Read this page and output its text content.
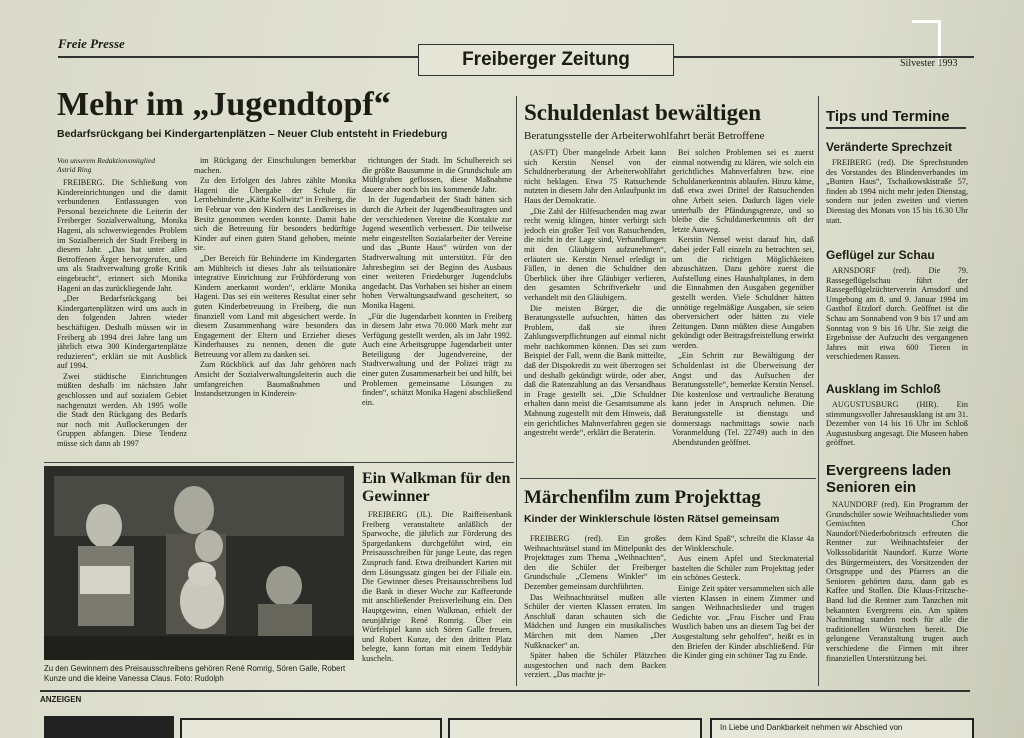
Freie Presse
Freiberger Zeitung	Silvester 1993
Mehr im „Jugendtopf“
Bedarfsrückgang bei Kindergartenplätzen – Neuer Club entsteht in Friedeburg
Von unserem Redaktionsmitglied Astrid Ring

FREIBERG. Die Schließung von Kindereinrichtungen und die damit verbundenen Entlassungen von Personal bezeichnete die Leiterin der Freiberger Sozialverwaltung, Monika Hageni, als schwerwiegendes Problem im Sozialbereich der Stadt Freiberg in diesem Jahr. „Das hat unter allen Betroffenen Ärger hervorgerufen, und uns als Stadtverwaltung große Kritik eingebracht“, erinnert sich Monika Hageni an das zurückliegende Jahr.

„Der Bedarfsrückgang bei Kindergartenplätzen wird uns auch in den folgenden Jahren wieder beschäftigen. Deshalb müssen wir in Freiberg ab 1994 drei Jahre lang um jährlich etwa 300 Kindergartenplätze reduzieren“, erklärt sie mit Ausblick auf 1994.

Zwei städtische Einrichtungen müßten deshalb im nächsten Jahr geschlossen und auf sozialem Gebiet nachgenutzt werden. Ab 1995 wolle die Stadt den Rückgang des Bedarfs nur noch mit Auflockerungen der Gruppen abfangen. Diese Tendenz müsse sich dann ab 1997

im Rückgang der Einschulungen bemerkbar machen.

Zu den Erfolgen des Jahres zählte Monika Hageni die Übergabe der Schule für Lernbehinderte „Käthe Kollwitz“ in Freiberg, die im Februar von den Kindern des Landkreises in Besitz genommen werden konnte. Damit habe sich die Betreuung für besonders bedürftige Kinder auf einen guten Stand gehoben, meinte sie.

„Der Bereich für Behinderte im Kindergarten am Mühlteich ist dieses Jahr als teilstationäre integrative Einrichtung zur Frühförderung von Kindern anerkannt worden“, erklärte Monika Hageni. Das sei ein weiteres Resultat einer sehr guten Kinderbetreuung in Freiberg, die nun finanziell vom Land mit abgesichert werde. In diesem Zusammenhang wäre besonders das Engagement der Eltern und Erzieher dieses Kinderhauses zu nennen, denen die gute Betreuung vor allem zu danken sei.

Zum Rückblick auf das Jahr gehören nach Ansicht der Sozialverwaltungsleiterin auch die umfangreichen Baumaßnahmen und Instandsetzungen in Kinderein-

richtungen der Stadt. Im Schulbereich sei die größte Bausumme in die Grundschule am Mühlgraben geflossen, diese Maßnahme dauere aber noch bis ins kommende Jahr.

In der Jugendarbeit der Stadt hätten sich durch die Arbeit der Jugendbeauftragten und der verschiedenen Vereine die Kontakte zur Jugend wesentlich verbessert. Die teilweise mehr eingestellten Sozialarbeiter der Vereine und das „Bunte Haus“ würden von der Stadtverwaltung mit unterstützt. Für den Jahresbeginn sei der Beginn des Ausbaus einer weiteren Friedeburger Jugendclubs angedacht. Das Vorhaben sei bisher an einem hohen Verwaltungsaufwand gescheitert, so Monika Hageni.

„Für die Jugendarbeit konnten in Freiberg in diesem Jahr etwa 70.000 Mark mehr zur Verfügung gestellt werden, als im Jahr 1992. Auch eine Arbeitsgruppe Jugendarbeit unter Beteiligung der Jugendvereine, der Stadtverwaltung und der Polizei trägt zu einer guten Zusammenarbeit bei und hilft, bei Problemen gemeinsame Lösungen zu finden“, schätzt Monika Hageni abschließend ein.

Schuldenlast bewältigen
Beratungsstelle der Arbeiterwohlfahrt berät Betroffene

(AS/FT) Über mangelnde Arbeit kann sich Kerstin Nensel von der Schuldnerberatung der Arbeiterwohlfahrt nicht beklagen. Etwa 75 Ratsuchende nutzten in diesem Jahr den Anlaufpunkt im Haus der Demokratie.

„Die Zahl der Hilfesuchenden mag zwar recht wenig klingen, hinter verbirgt sich jedoch ein großer Teil von Ratsuchenden, die nicht in der Lage sind, Verhandlungen mit den Gläubigern aufzunehmen“, erläutert sie. Kerstin Nensel erledigt in Fällen, in denen die Schuldner den Überblick über ihre Gläubiger verlieren, den gesamten Schriftverkehr und verhandelt mit den Gläubigern.

Die meisten Bürger, die die Beratungsstelle aufsuchten, hätten das Problem, daß sie ihren Zahlungsverpflichtungen auf einmal nicht mehr nachkommen können. Das sei zum Beispiel der Fall, wenn die Bank mitteilte, daß der Dispokredit zu weit überzogen sei und deshalb gekündigt würde, oder aber, daß die Ratenzahlung an das Versandhaus in Frage gestellt sei. „Die Schuldner erhalten dann meist die Gesamtsumme als Mahnung zugestellt mit dem Hinweis, daß ein gerichtliches Mahnverfahren gegen sie angestrebt werde“, erklärt die Beraterin.

Bei solchen Problemen sei es zuerst einmal notwendig zu klären, wie solch ein gerichtliches Mahnverfahren bzw. eine Schuldanerkenntnis ablaufen. Hinzu käme, daß etwa zwei Drittel der Ratsuchenden ohne Arbeit seien. Dadurch lägen viele unterhalb der Pfändungsgrenze, und so bleibe die Schuldanerkenntnis oft der letzte Ausweg.

Kerstin Nensel weist darauf hin, daß dabei jeder Fall einzeln zu betrachten sei, um die richtigen Möglichkeiten abzuschätzen. Dazu gehöre zuerst die Aufstellung eines Haushaltplanes, in dem die Einnahmen den Ausgaben gegenüber gestellt werden. Viele Schuldner hätten unnötige regelmäßige Ausgaben, sie seien oberversichert oder hätten zu viele Zeitungen. Dann müßten diese Ausgaben gekündigt oder Beitragsfreistellung erwirkt werden.

„Ein Schritt zur Bewältigung der Schuldenlast ist die Überweisung der Angst und das Aufsuchen der Beratungsstelle“, bemerkte Kerstin Nensel. Die kostenlose und vertrauliche Beratung kann jeder in Anspruch nehmen. Die Beratungsstelle ist dienstags und donnerstags nachmittags sowie nach Voranmeldung (Tel. 22749) auch in den Abendstunden geöffnet.

Zu den Gewinnern des Preisausschreibens gehören René Romrig, Sören Galle, Robert Kunze und die kleine Vanessa Claus. Foto: Rudolph
Ein Walkman für den Gewinner

FREIBERG (JL). Die Raiffeisenbank Freiberg veranstaltete anläßlich der Sparwoche, die jährlich zur Förderung des Spargedankens durchgeführt wird, ein Preisausschreiben für junge Leute, das regen Zuspruch fand. Etwa dreihundert Karten mit dem Lösungssatz gingen bei der Filiale ein. Die Gewinner dieses Preisausschreibens lud die Bank in dieser Woche zur Kaffeerunde mit anschließender Preisverleihung ein. Den Hauptgewinn, einen Walkman, erhielt der neunjährige René Romrig. Über ein Würfelspiel kann sich Sören Galle freuen, und Robert Kunze, der den dritten Platz belegte, kann fortan mit einem Teddybär kuscheln.

Märchenfilm zum Projekttag
Kinder der Winklerschule lösten Rätsel gemeinsam

FREIBERG (red). Ein großes Weihnachtsrätsel stand im Mittelpunkt des Projekttages zum Thema „Weihnachten“, den die Schüler der Freiberger Grundschule „Clemens Winkler“ im Dezember gemeinsam durchführten.

Das Weihnachtsrätsel mußten alle Schüler der vierten Klassen erraten. Im Anschluß daran schauten sich die Mädchen und Jungen ein musikalisches Märchen mit dem Namen „Der Nußknacker“ an.

Später haben die Schüler Plätzchen ausgestochen und nach dem Backen verziert. „Das machte je-

dem Kind Spaß“, schreibt die Klasse 4a der Winklerschule.

Aus einem Apfel und Steckmaterial bastelten die Schüler zum Projekttag jeder ein schönes Gesteck.

Einige Zeit später versammelten sich alle vierten Klassen in einem Zimmer und sangen Weihnachtslieder und trugen Gedichte vor. „Frau Fischer und Frau Wustlich haben uns an diesem Tag bei der Ausgestaltung sehr geholfen“, heißt es in den Briefen der Kinder abschließend. Für die Kinder ging ein schöner Tag zu Ende.

Tips und Termine
Veränderte Sprechzeit

FREIBERG (red). Die Sprechstunden des Vorstandes des Blindenverbandes im „Bunten Haus“, Tschaikowskistraße 57, finden ab 1994 nicht mehr jeden Dienstag, sondern nur jeden zweiten und vierten Dienstag des Monats von 15 bis 16.30 Uhr statt.

Geflügel zur Schau

ARNSDORF (red). Die 79. Rassegeflügelschau führt der Rassegeflügelzüchterverein Arnsdorf und Umgebung am 8. und 9. Januar 1994 im Gasthof Etzdorf durch. Geöffnet ist die Schau am Sonnabend von 9 bis 17 und am Sonntag von 9 bis 16 Uhr. Sie zeigt die Ergebnisse der Aufzucht des vergangenen Jahres mit etwa 600 Tieren in verschiedenen Rassen.

Ausklang im Schloß

AUGUSTUSBURG (HIR). Ein stimmungsvoller Jahresausklang ist am 31. Dezember von 14 bis 16 Uhr im Schloß Augustusburg angesagt. Die Museen haben geöffnet.

Evergreens laden Senioren ein

NAUNDORF (red). Ein Programm der Grundschüler sowie Weihnachtslieder vom Gemischten Chor Naundorf/Niederbobritzsch erfreuten die Rentner zur Weihnachtsfeier der Volkssolidarität Naundorf. Kurze Worte des Bürgermeisters, des Vorsitzenden der Ortsgruppe und des Pfarrers an die Senioren gehörten dazu, dann gab es Kaffee und Stollen. Die Klaus-Fritzsche-Band lud die Rentner zum Tanzchen mit bekannten Evergreens ein. Am späten Nachmittag standen noch für alle die traditionellen Würstchen bereit. Die gelungene Veranstaltung trugen auch verschiedene die Firmen mit ihrer finanziellen Unterstützung bei.

ANZEIGEN
In Liebe und Dankbarkeit nehmen wir Abschied von
